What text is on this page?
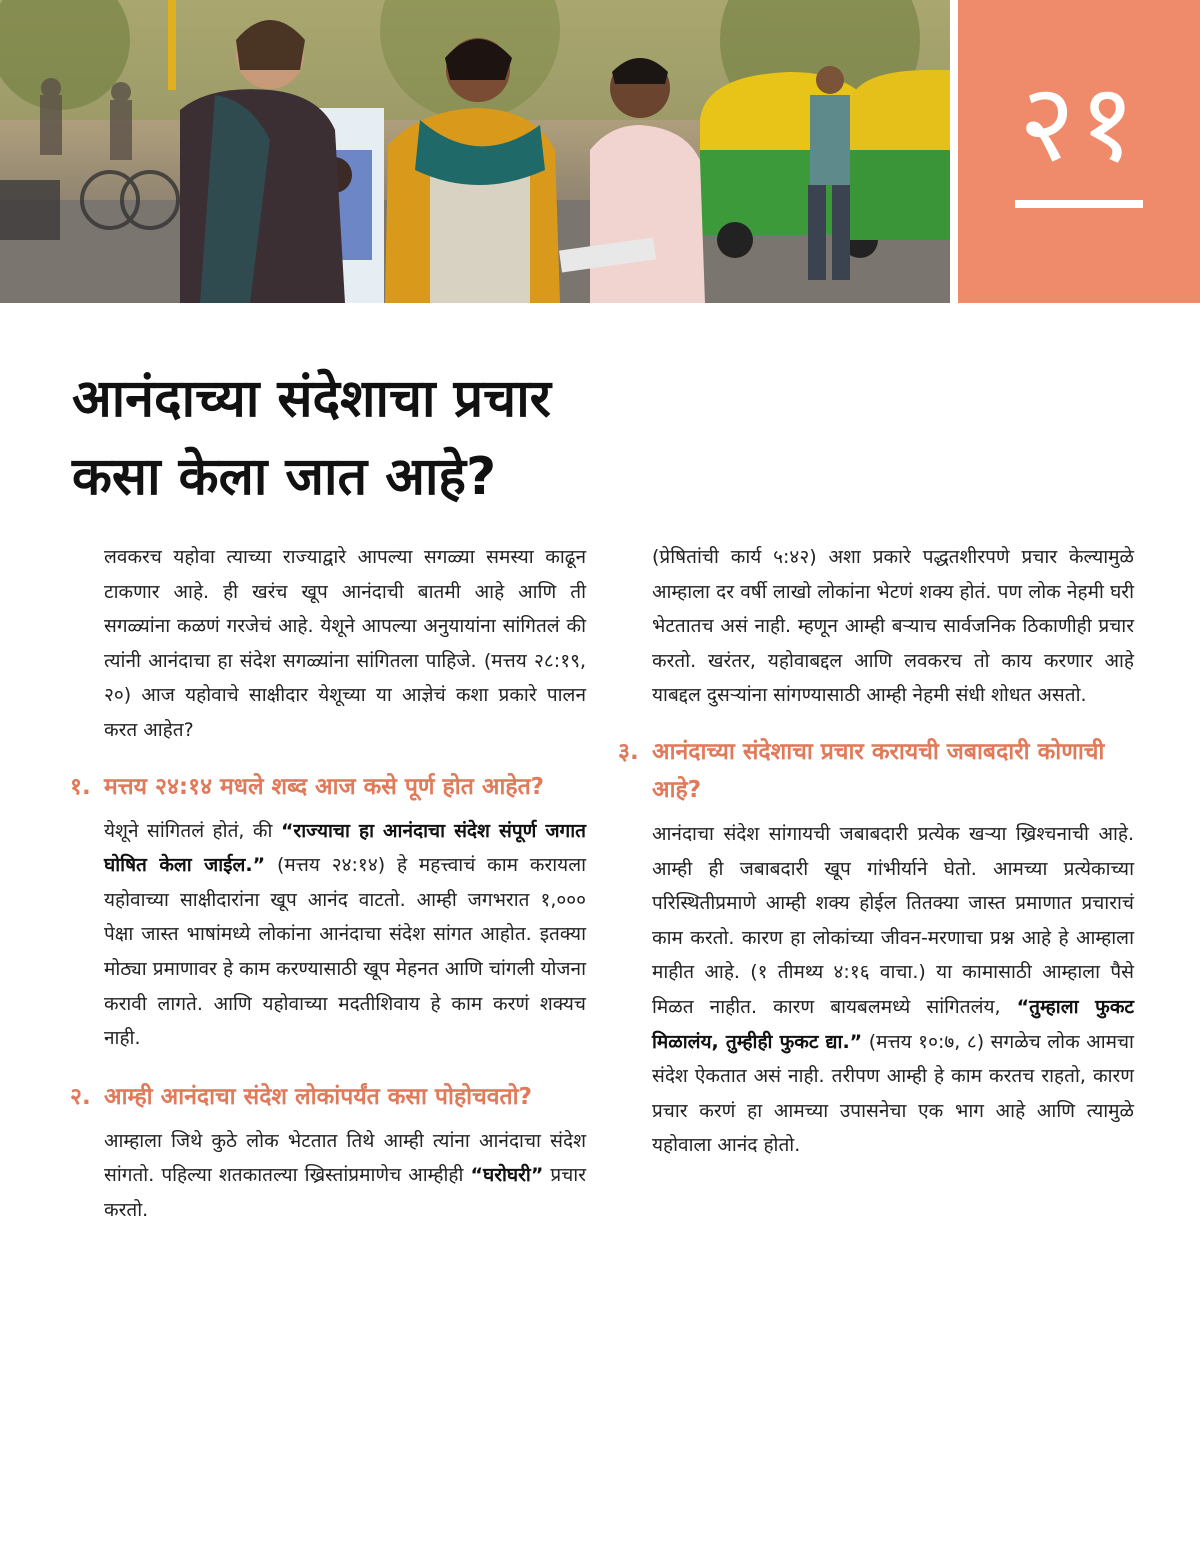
२१
आनंदाच्या संदेशाचा प्रचार
कसा केला जात आहे?

लवकरच यहोवा त्याच्या राज्याद्वारे आपल्या सगळ्या समस्या काढून टाकणार आहे. ही खरंच खूप आनंदाची बातमी आहे आणि ती सगळ्यांना कळणं गरजेचं आहे. येशूने आपल्या अनुयायांना सांगितलं की त्यांनी आनंदाचा हा संदेश सगळ्यांना सांगितला पाहिजे. (मत्तय २८:१९, २०) आज यहोवाचे साक्षीदार येशूच्या या आज्ञेचं कशा प्रकारे पालन करत आहेत?

१. मत्तय २४:१४ मधले शब्द आज कसे पूर्ण होत आहेत?

येशूने सांगितलं होतं, की “राज्याचा हा आनंदाचा संदेश संपूर्ण जगात घोषित केला जाईल.” (मत्तय २४:१४) हे महत्त्वाचं काम करायला यहोवाच्या साक्षीदारांना खूप आनंद वाटतो. आम्ही जगभरात १,००० पेक्षा जास्त भाषांमध्ये लोकांना आनंदाचा संदेश सांगत आहोत. इतक्या मोठ्या प्रमाणावर हे काम करण्यासाठी खूप मेहनत आणि चांगली योजना करावी लागते. आणि यहोवाच्या मदतीशिवाय हे काम करणं शक्यच नाही.

२. आम्ही आनंदाचा संदेश लोकांपर्यंत कसा पोहोचवतो?

आम्हाला जिथे कुठे लोक भेटतात तिथे आम्ही त्यांना आनंदाचा संदेश सांगतो. पहिल्या शतकातल्या ख्रिस्तांप्रमाणेच आम्हीही “घरोघरी” प्रचार करतो.

(प्रेषितांची कार्य ५:४२) अशा प्रकारे पद्धतशीरपणे प्रचार केल्यामुळे आम्हाला दर वर्षी लाखो लोकांना भेटणं शक्य होतं. पण लोक नेहमी घरी भेटतातच असं नाही. म्हणून आम्ही बऱ्याच सार्वजनिक ठिकाणीही प्रचार करतो. खरंतर, यहोवाबद्दल आणि लवकरच तो काय करणार आहे याबद्दल दुसऱ्यांना सांगण्यासाठी आम्ही नेहमी संधी शोधत असतो.

३. आनंदाच्या संदेशाचा प्रचार करायची जबाबदारी कोणाची आहे?

आनंदाचा संदेश सांगायची जबाबदारी प्रत्येक खऱ्या ख्रिश्चनाची आहे. आम्ही ही जबाबदारी खूप गांभीर्याने घेतो. आमच्या प्रत्येकाच्या परिस्थितीप्रमाणे आम्ही शक्य होईल तितक्या जास्त प्रमाणात प्रचाराचं काम करतो. कारण हा लोकांच्या जीवन-मरणाचा प्रश्न आहे हे आम्हाला माहीत आहे. (१ तीमथ्य ४:१६ वाचा.) या कामासाठी आम्हाला पैसे मिळत नाहीत. कारण बायबलमध्ये सांगितलंय, “तुम्हाला फुकट मिळालंय, तुम्हीही फुकट द्या.” (मत्तय १०:७, ८) सगळेच लोक आमचा संदेश ऐकतात असं नाही. तरीपण आम्ही हे काम करतच राहतो, कारण प्रचार करणं हा आमच्या उपासनेचा एक भाग आहे आणि त्यामुळे यहोवाला आनंद होतो.
